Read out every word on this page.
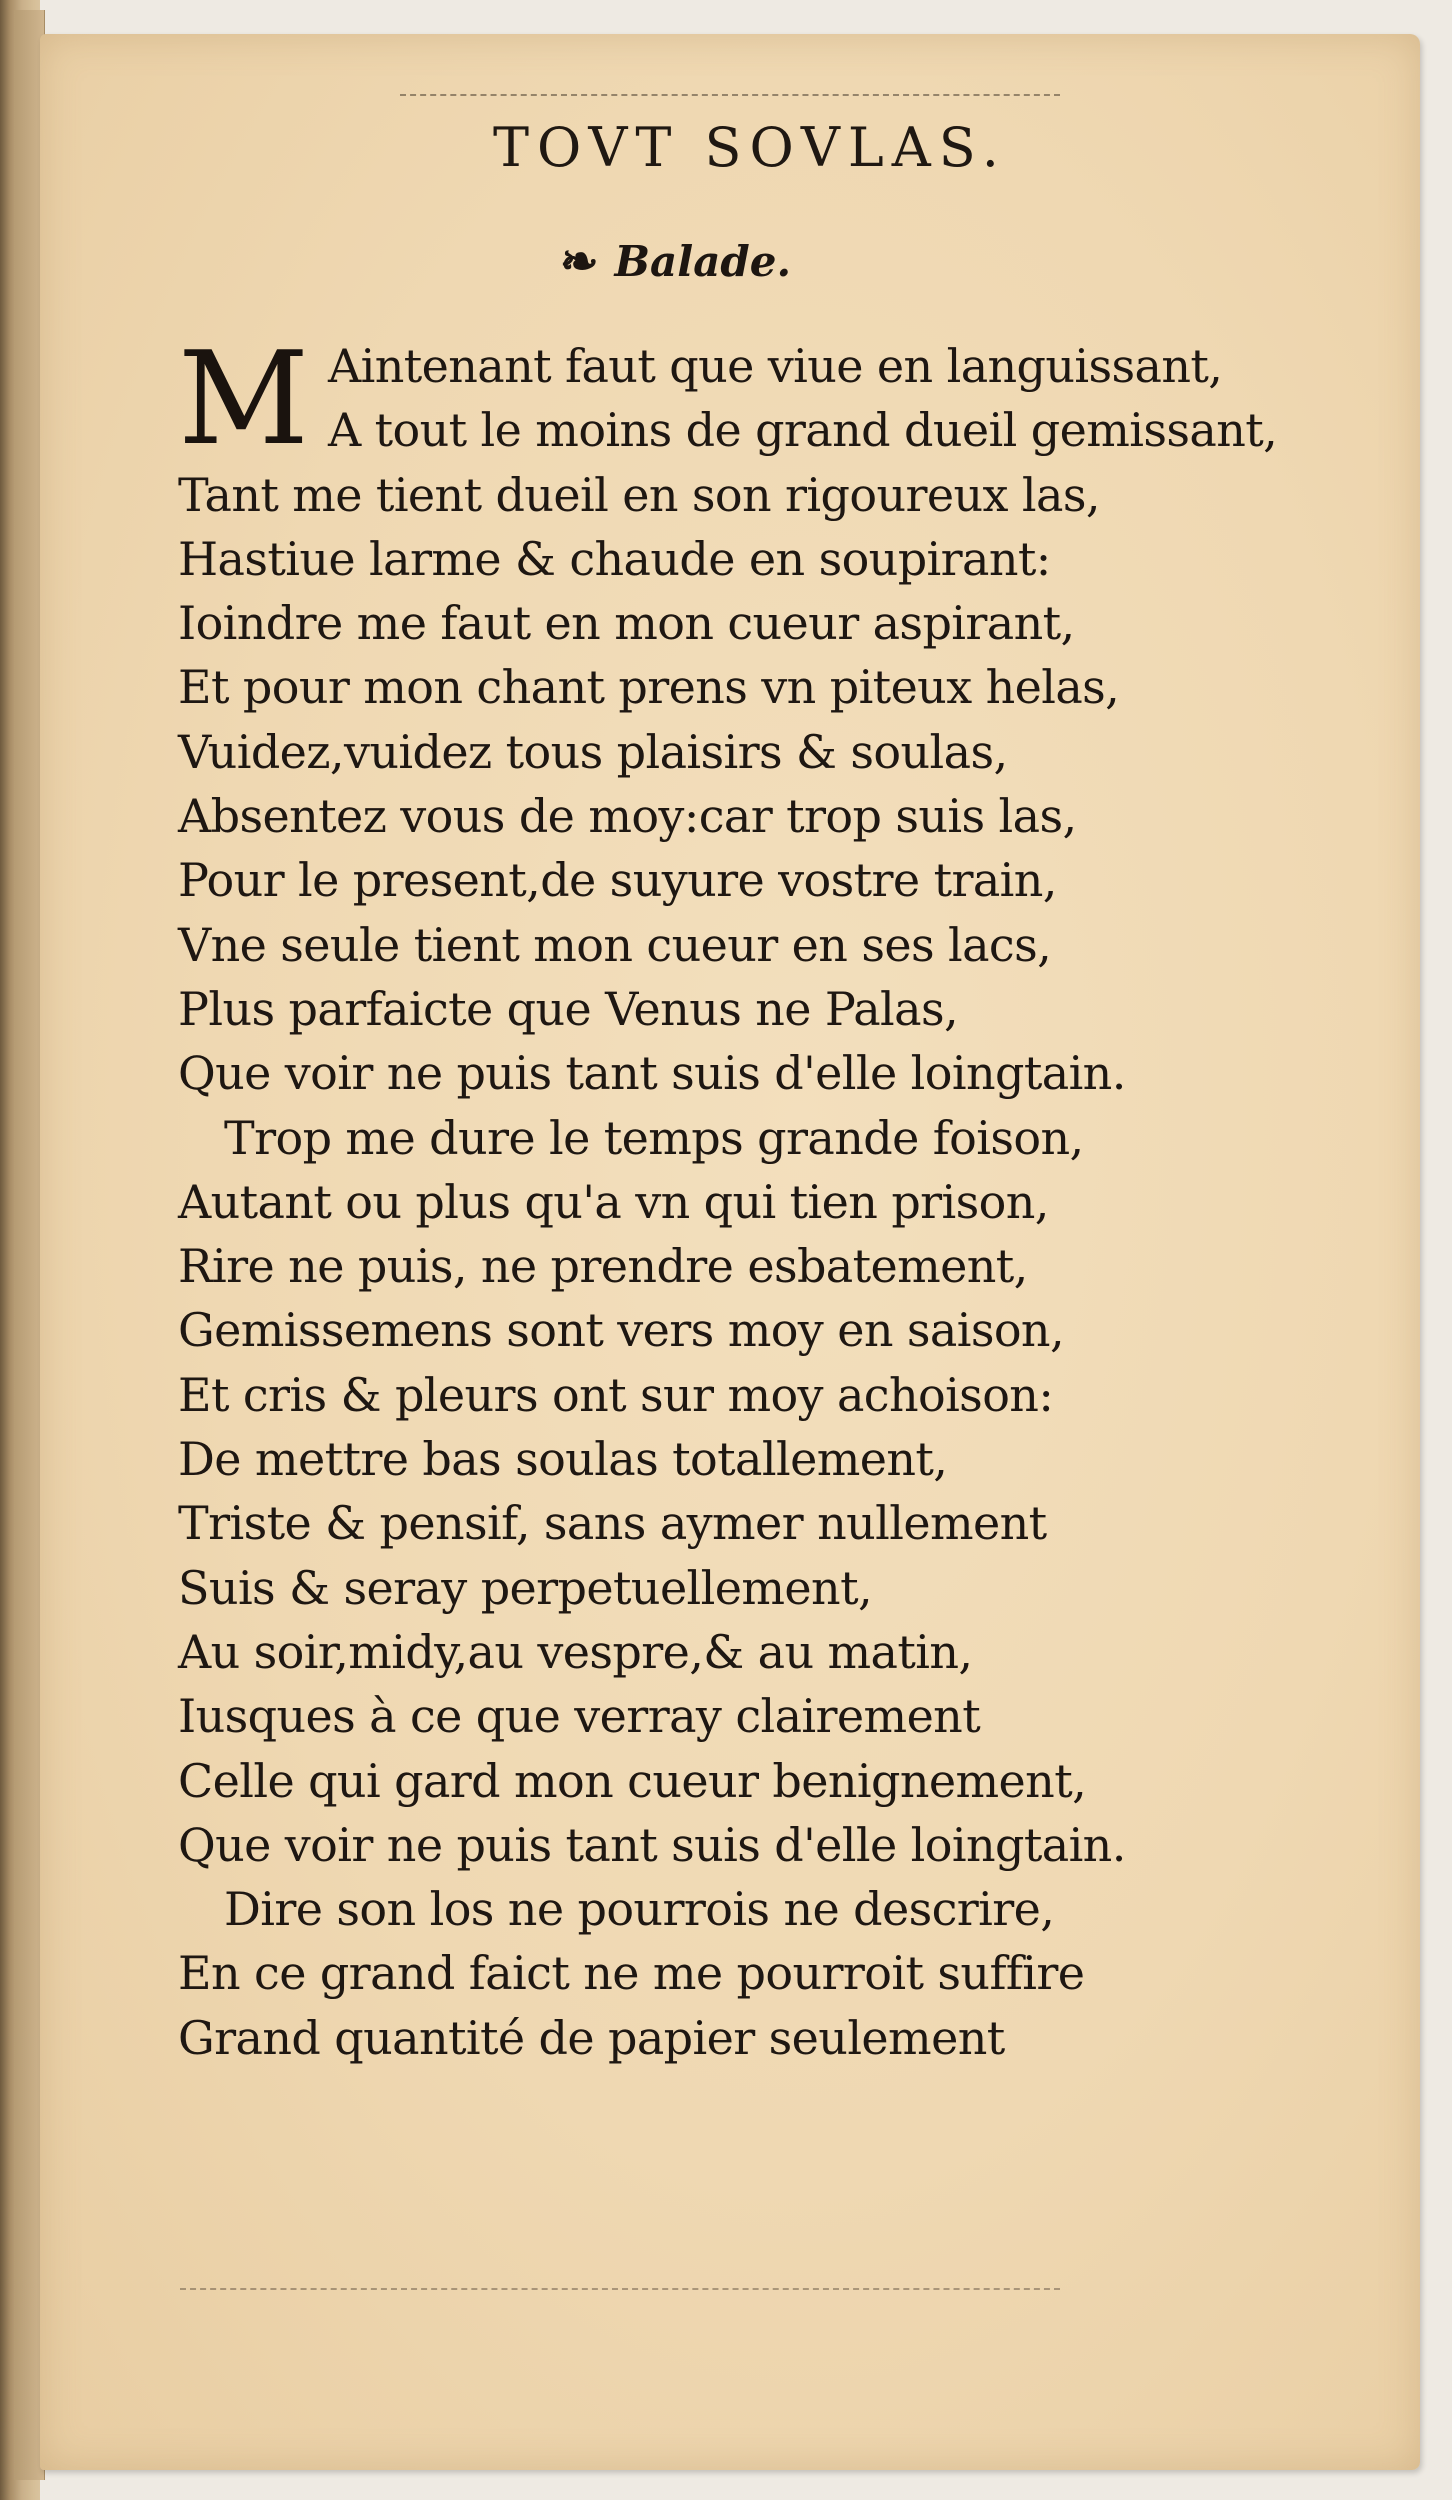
TOVT SOVLAS.
❧ Balade.
M Aintenant faut que viue en languissant,
A tout le moins de grand dueil gemissant,
Tant me tient dueil en son rigoureux las,
Hastiue larme & chaude en soupirant:
Ioindre me faut en mon cueur aspirant,
Et pour mon chant prens vn piteux helas,
Vuidez,vuidez tous plaisirs & soulas,
Absentez vous de moy:car trop suis las,
Pour le present,de suyure vostre train,
Vne seule tient mon cueur en ses lacs,
Plus parfaicte que Venus ne Palas,
Que voir ne puis tant suis d'elle loingtain.
Trop me dure le temps grande foison,
Autant ou plus qu'a vn qui tien prison,
Rire ne puis, ne prendre esbatement,
Gemissemens sont vers moy en saison,
Et cris & pleurs ont sur moy achoison:
De mettre bas soulas totallement,
Triste & pensif, sans aymer nullement
Suis & seray perpetuellement,
Au soir,midy,au vespre,& au matin,
Iusques à ce que verray clairement
Celle qui gard mon cueur benignement,
Que voir ne puis tant suis d'elle loingtain.
Dire son los ne pourrois ne descrire,
En ce grand faict ne me pourroit suffire
Grand quantité de papier seulement
